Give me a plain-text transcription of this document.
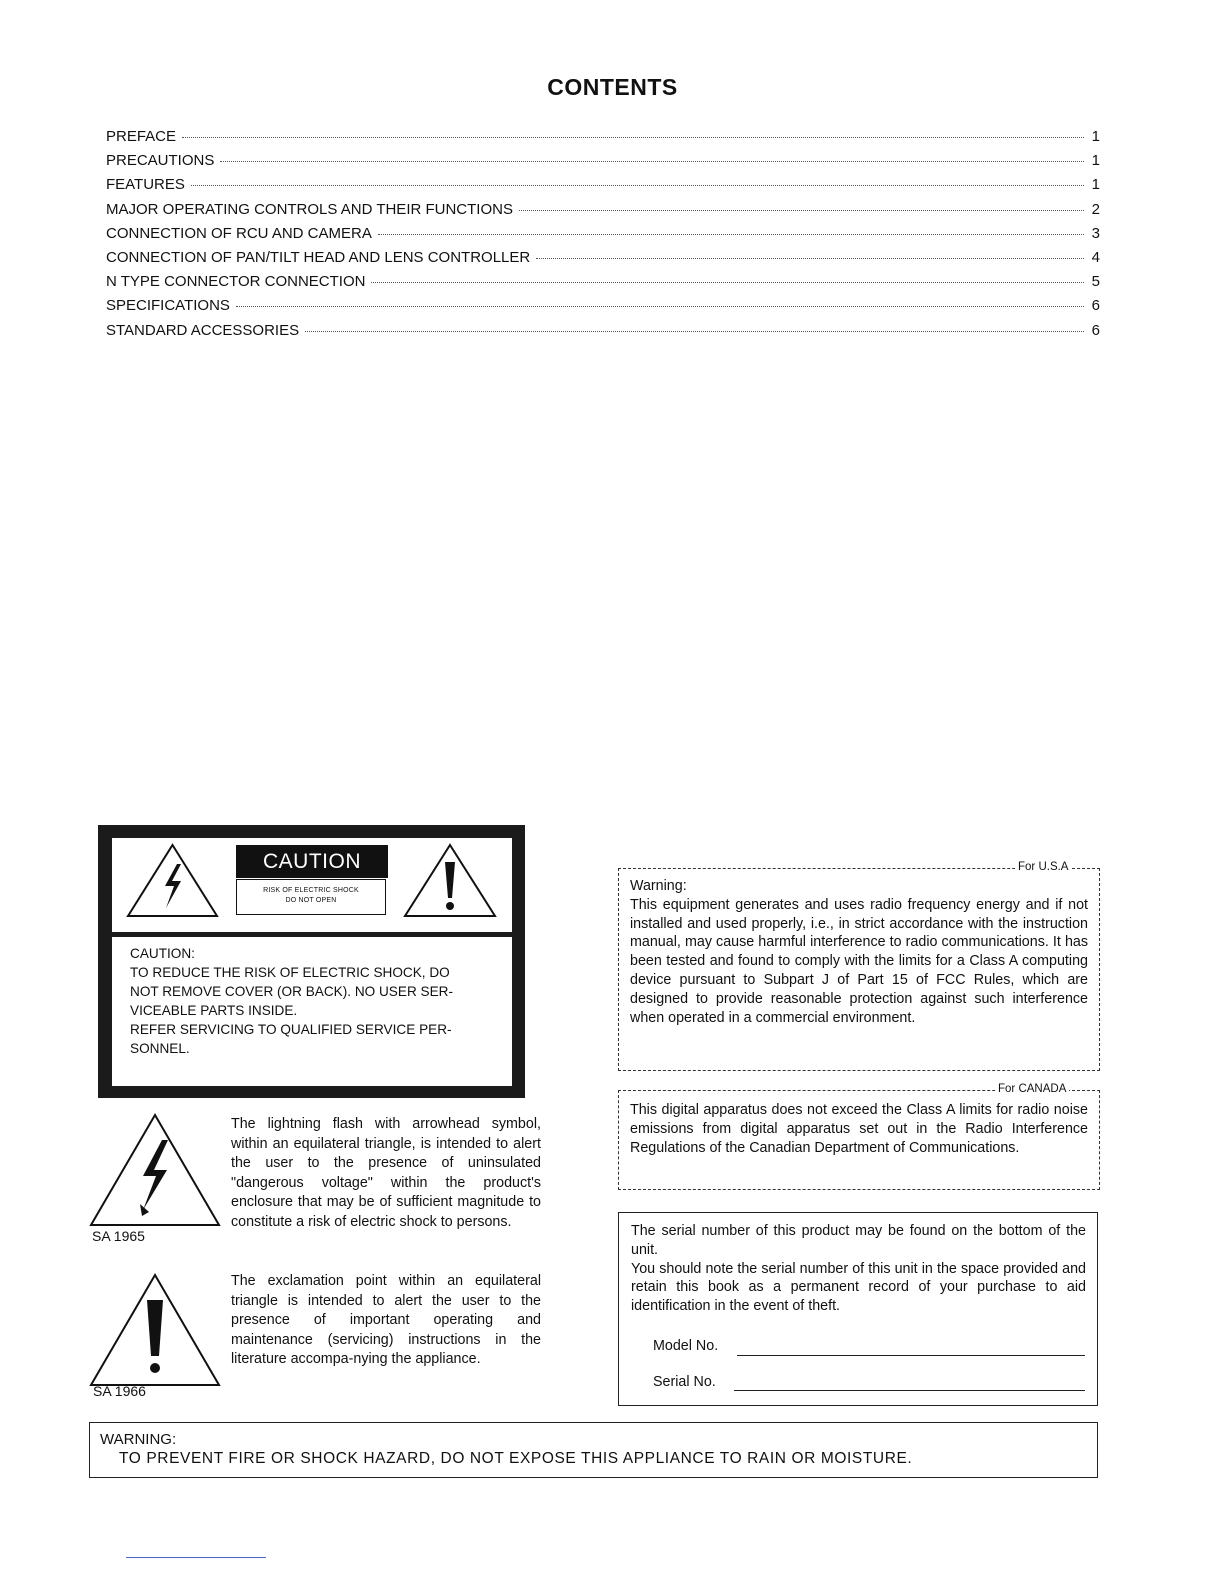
CONTENTS
PREFACE	1
PRECAUTIONS	1
FEATURES	1
MAJOR OPERATING CONTROLS AND THEIR FUNCTIONS	2
CONNECTION OF RCU AND CAMERA	3
CONNECTION OF PAN/TILT HEAD AND LENS CONTROLLER	4
N TYPE CONNECTOR CONNECTION	5
SPECIFICATIONS	6
STANDARD ACCESSORIES	6
CAUTION
RISK OF ELECTRIC SHOCK
DO NOT OPEN
CAUTION:
TO REDUCE THE RISK OF ELECTRIC SHOCK, DO
NOT REMOVE COVER (OR BACK). NO USER SER-
VICEABLE PARTS INSIDE.
REFER SERVICING TO QUALIFIED SERVICE PER-
SONNEL.
SA 1965
The lightning flash with arrowhead symbol, within an equilateral triangle, is intended to alert the user to the presence of uninsulated "dangerous voltage" within the product's enclosure that may be of sufficient magnitude to constitute a risk of electric shock to persons.
SA 1966
The exclamation point within an equilateral triangle is intended to alert the user to the presence of important operating and maintenance (servicing) instructions in the literature accompa-nying the appliance.
For U.S.A
Warning:
This equipment generates and uses radio frequency energy and if not installed and used properly, i.e., in strict accordance with the instruction manual, may cause harmful interference to radio communications. It has been tested and found to comply with the limits for a Class A computing device pursuant to Subpart J of Part 15 of FCC Rules, which are designed to provide reasonable protection against such interference when operated in a commercial environment.
For CANADA
This digital apparatus does not exceed the Class A limits for radio noise emissions from digital apparatus set out in the Radio Interference Regulations of the Canadian Department of Communications.
The serial number of this product may be found on the bottom of the unit.
You should note the serial number of this unit in the space provided and retain this book as a permanent record of your purchase to aid identification in the event of theft.
Model No.
Serial No.
WARNING:
TO PREVENT FIRE OR SHOCK HAZARD, DO NOT EXPOSE THIS APPLIANCE TO RAIN OR MOISTURE.
